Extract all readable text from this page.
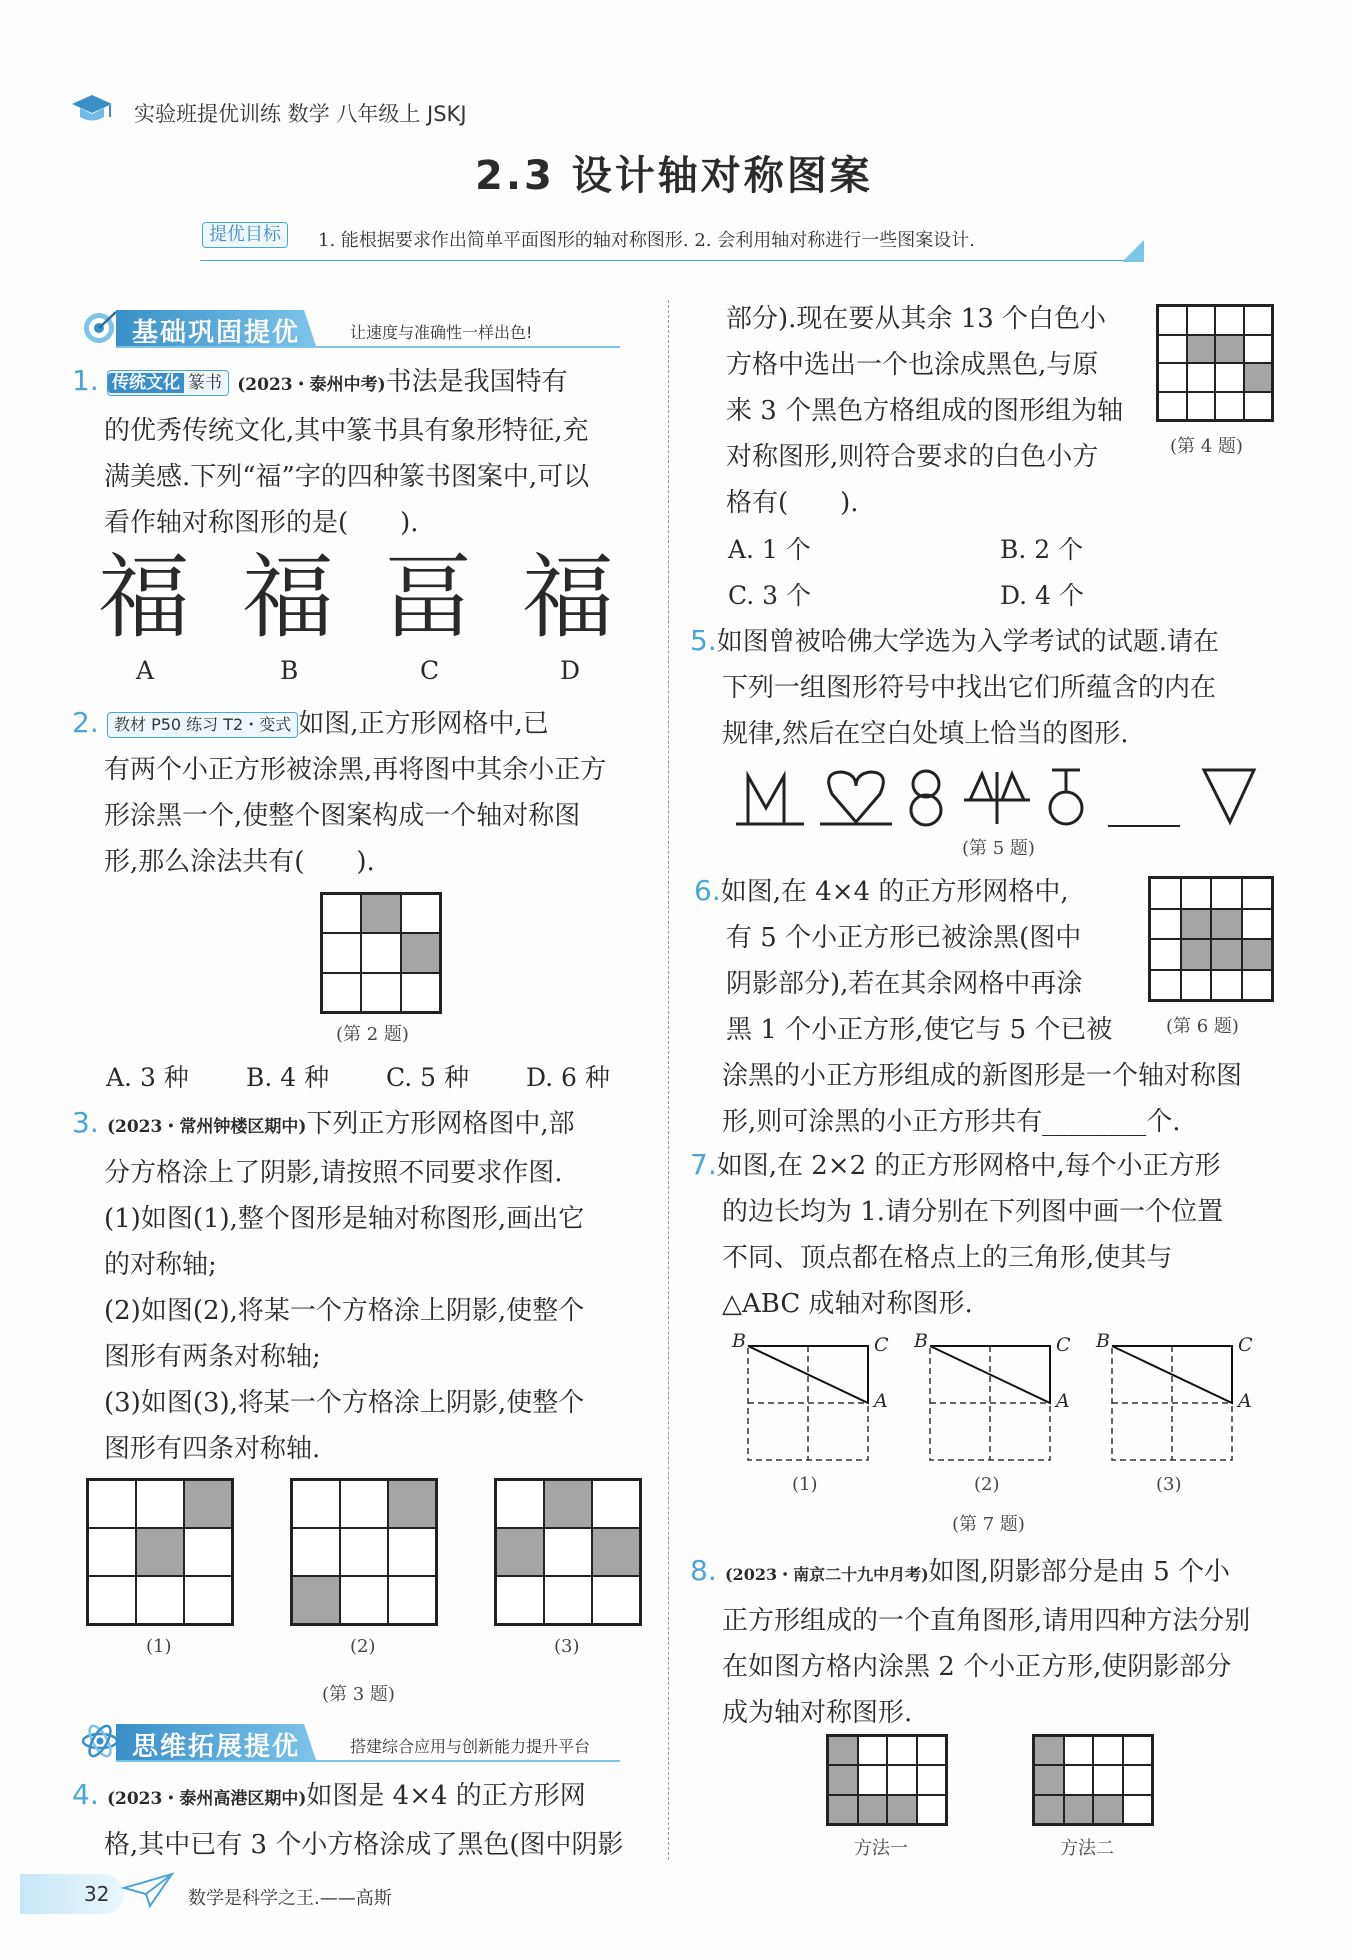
实验班提优训练 数学 八年级上 JSKJ
2.3 设计轴对称图案
提优目标	1. 能根据要求作出简单平面图形的轴对称图形. 2. 会利用轴对称进行一些图案设计.
基础巩固提优	让速度与准确性一样出色!
1. 传统文化 篆书 (2023・泰州中考)书法是我国特有
的优秀传统文化,其中篆书具有象形特征,充
满美感.下列“福”字的四种篆书图案中,可以
看作轴对称图形的是(　　).
福 福 畐 福
A	B	C	D
2. 教材 P50 练习 T2・变式 如图,正方形网格中,已
有两个小正方形被涂黑,再将图中其余小正方
形涂黑一个,使整个图案构成一个轴对称图
形,那么涂法共有(　　).
(第 2 题)
A. 3 种 B. 4 种 C. 5 种 D. 6 种
3. (2023・常州钟楼区期中)下列正方形网格图中,部
分方格涂上了阴影,请按照不同要求作图.
(1)如图(1),整个图形是轴对称图形,画出它
的对称轴;
(2)如图(2),将某一个方格涂上阴影,使整个
图形有两条对称轴;
(3)如图(3),将某一个方格涂上阴影,使整个
图形有四条对称轴.
(1)	(2)	(3)
(第 3 题)
思维拓展提优	搭建综合应用与创新能力提升平台
4. (2023・泰州高港区期中)如图是 4×4 的正方形网
格,其中已有 3 个小方格涂成了黑色(图中阴影
部分).现在要从其余 13 个白色小
方格中选出一个也涂成黑色,与原
来 3 个黑色方格组成的图形组为轴
对称图形,则符合要求的白色小方
格有(　　).
(第 4 题)
A. 1 个	B. 2 个
C. 3 个	D. 4 个
5.如图曾被哈佛大学选为入学考试的试题.请在
下列一组图形符号中找出它们所蕴含的内在
规律,然后在空白处填上恰当的图形.
(第 5 题)
6.如图,在 4×4 的正方形网格中,
有 5 个小正方形已被涂黑(图中
阴影部分),若在其余网格中再涂
黑 1 个小正方形,使它与 5 个已被
涂黑的小正方形组成的新图形是一个轴对称图
形,则可涂黑的小正方形共有________个.
(第 6 题)
7.如图,在 2×2 的正方形网格中,每个小正方形
的边长均为 1.请分别在下列图中画一个位置
不同、顶点都在格点上的三角形,使其与
△ABC 成轴对称图形.
B	C
A
(1)
B	C
A
(2)
B	C
A
(3)
(第 7 题)
8. (2023・南京二十九中月考)如图,阴影部分是由 5 个小
正方形组成的一个直角图形,请用四种方法分别
在如图方格内涂黑 2 个小正方形,使阴影部分
成为轴对称图形.
方法一	方法二
32	数学是科学之王.——高斯
